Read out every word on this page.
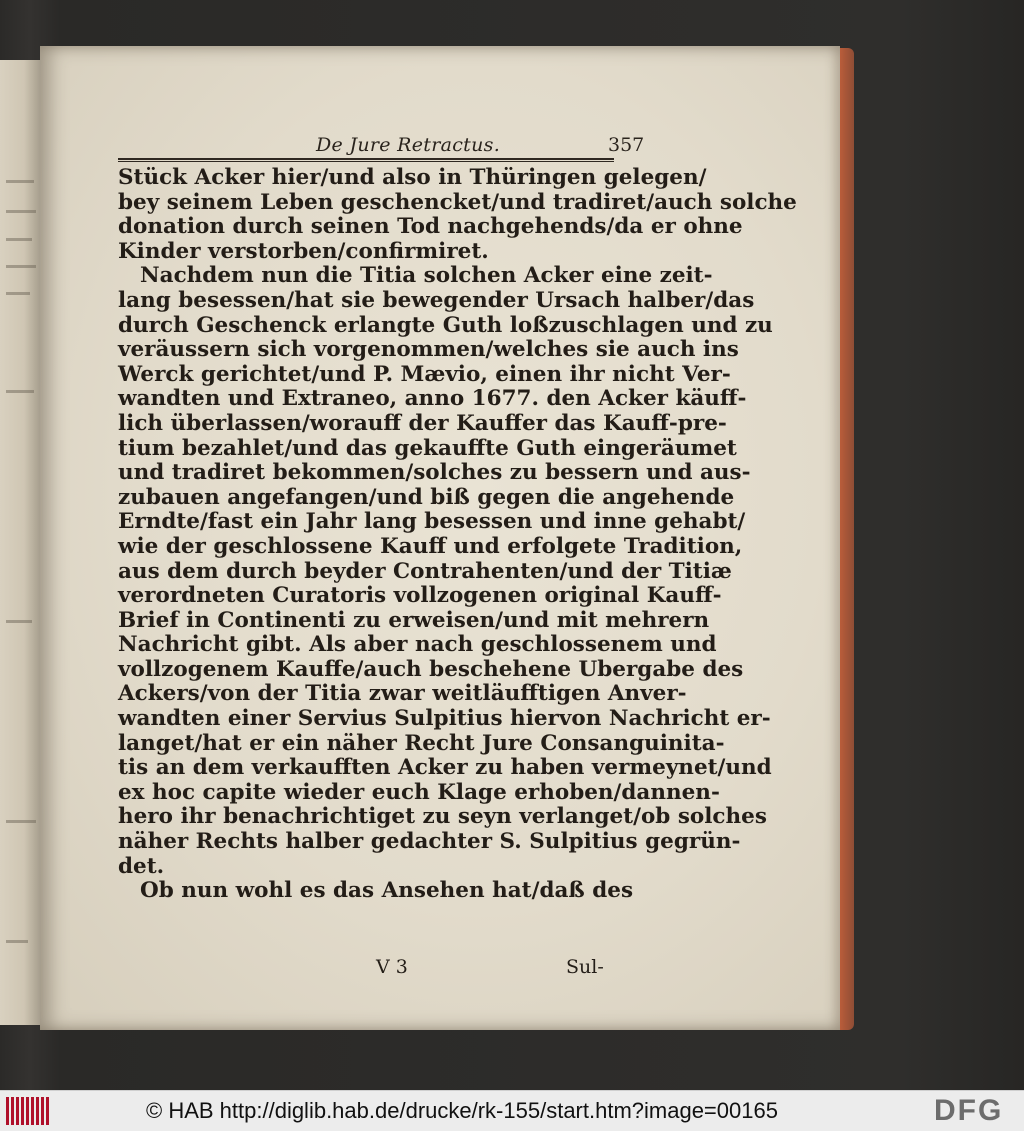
De Jure Retractus.	357
Stück Acker hier/und also in Thüringen gelegen/
bey seinem Leben geschencket/und tradiret/auch solche
donation durch seinen Tod nachgehends/da er ohne
Kinder verstorben/confirmiret.
Nachdem nun die Titia solchen Acker eine zeit-
lang besessen/hat sie bewegender Ursach halber/das
durch Geschenck erlangte Guth loßzuschlagen und zu
veräussern sich vorgenommen/welches sie auch ins
Werck gerichtet/und P. Mævio, einen ihr nicht Ver-
wandten und Extraneo, anno 1677. den Acker käuff-
lich überlassen/worauff der Kauffer das Kauff-pre-
tium bezahlet/und das gekauffte Guth eingeräumet
und tradiret bekommen/solches zu bessern und aus-
zubauen angefangen/und biß gegen die angehende
Erndte/fast ein Jahr lang besessen und inne gehabt/
wie der geschlossene Kauff und erfolgete Tradition,
aus dem durch beyder Contrahenten/und der Titiæ
verordneten Curatoris vollzogenen original Kauff-
Brief in Continenti zu erweisen/und mit mehrern
Nachricht gibt. Als aber nach geschlossenem und
vollzogenem Kauffe/auch beschehene Ubergabe des
Ackers/von der Titia zwar weitläufftigen Anver-
wandten einer Servius Sulpitius hiervon Nachricht er-
langet/hat er ein näher Recht Jure Consanguinita-
tis an dem verkaufften Acker zu haben vermeynet/und
ex hoc capite wieder euch Klage erhoben/dannen-
hero ihr benachrichtiget zu seyn verlanget/ob solches
näher Rechts halber gedachter S. Sulpitius gegrün-
det.
Ob nun wohl es das Ansehen hat/daß des
V 3	Sul-
© HAB http://diglib.hab.de/drucke/rk-155/start.htm?image=00165	DFG
